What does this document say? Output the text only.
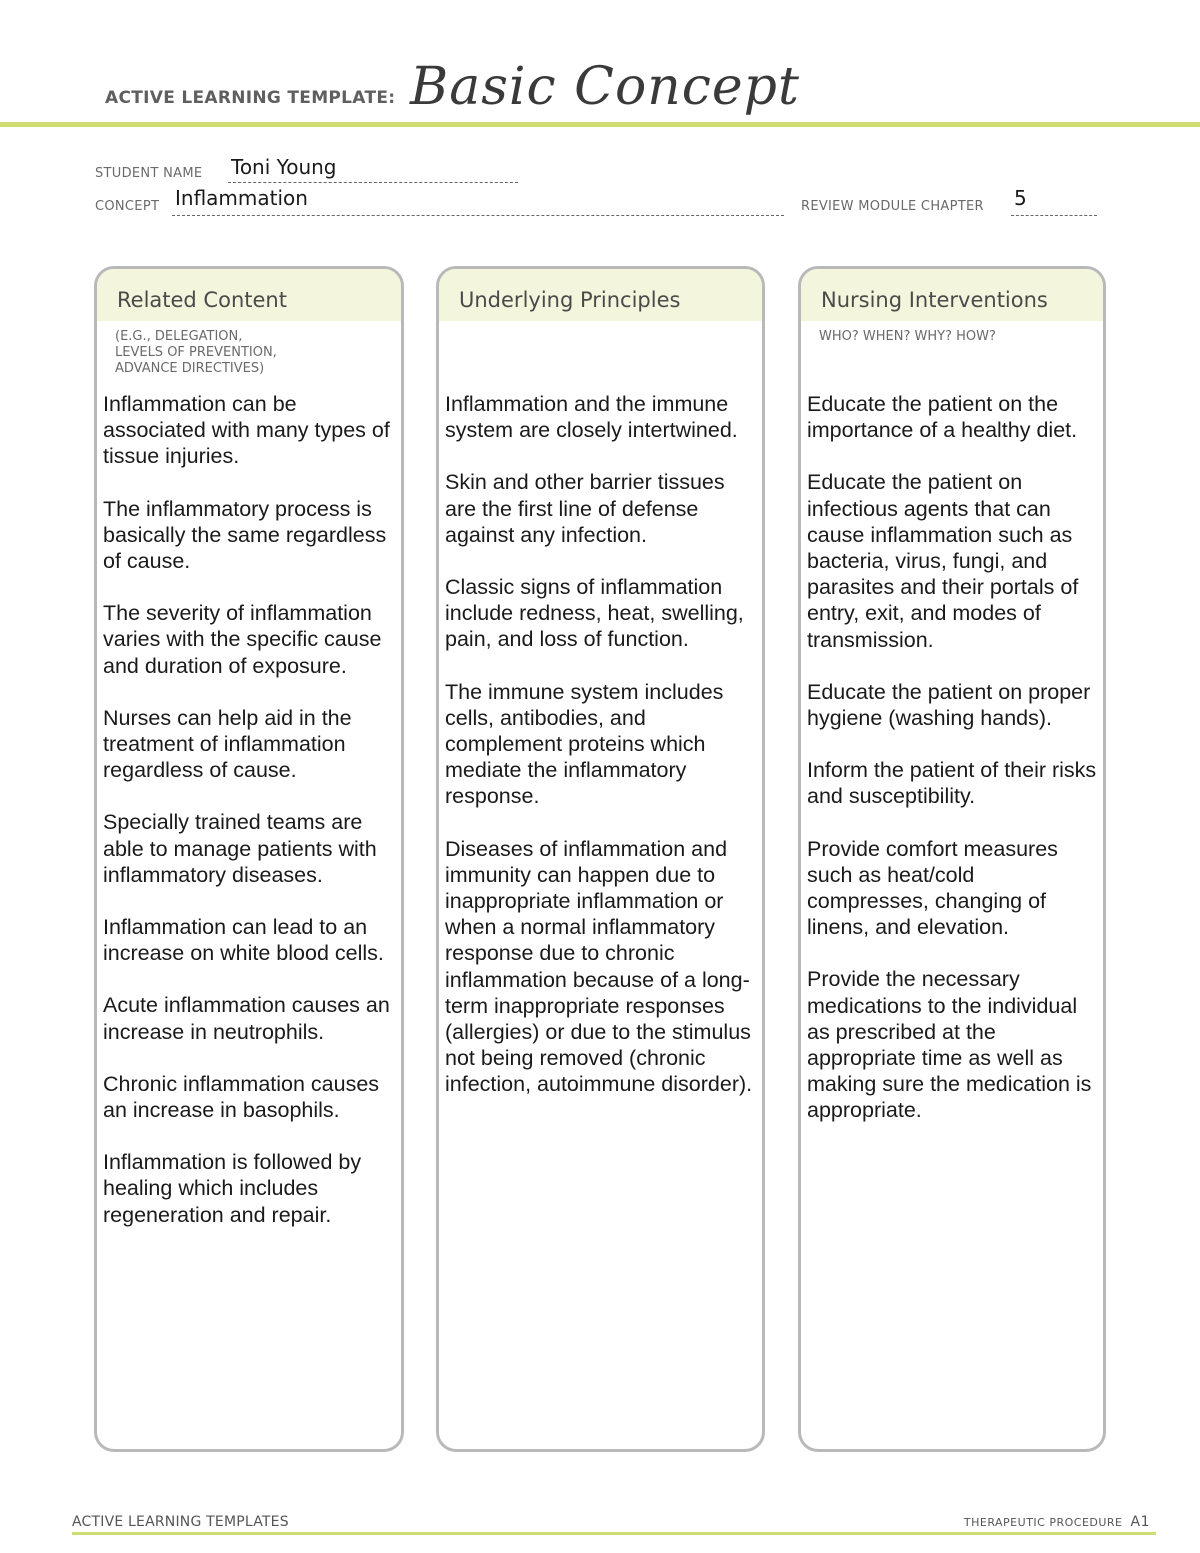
ACTIVE LEARNING TEMPLATE: Basic Concept
STUDENT NAME Toni Young
CONCEPT Inflammation	REVIEW MODULE CHAPTER 5
Related Content
(E.G., DELEGATION,
LEVELS OF PREVENTION,
ADVANCE DIRECTIVES)

Inflammation can be associated with many types of tissue injuries.

The inflammatory process is basically the same regardless of cause.

The severity of inflammation varies with the specific cause and duration of exposure.

Nurses can help aid in the treatment of inflammation regardless of cause.

Specially trained teams are able to manage patients with inflammatory diseases.

Inflammation can lead to an increase on white blood cells.

Acute inflammation causes an increase in neutrophils.

Chronic inflammation causes an increase in basophils.

Inflammation is followed by healing which includes regeneration and repair.

Underlying Principles

Inflammation and the immune system are closely intertwined.

Skin and other barrier tissues are the first line of defense against any infection.

Classic signs of inflammation include redness, heat, swelling, pain, and loss of function.

The immune system includes cells, antibodies, and complement proteins which mediate the inflammatory response.

Diseases of inflammation and immunity can happen due to inappropriate inflammation or when a normal inflammatory response due to chronic inflammation because of a long-term inappropriate responses (allergies) or due to the stimulus not being removed (chronic infection, autoimmune disorder).

Nursing Interventions
WHO? WHEN? WHY? HOW?

Educate the patient on the importance of a healthy diet.

Educate the patient on infectious agents that can cause inflammation such as bacteria, virus, fungi, and parasites and their portals of entry, exit, and modes of transmission.

Educate the patient on proper hygiene (washing hands).

Inform the patient of their risks and susceptibility.

Provide comfort measures such as heat/cold compresses, changing of linens, and elevation.

Provide the necessary medications to the individual as prescribed at the appropriate time as well as making sure the medication is appropriate.

ACTIVE LEARNING TEMPLATES	THERAPEUTIC PROCEDURE A1
